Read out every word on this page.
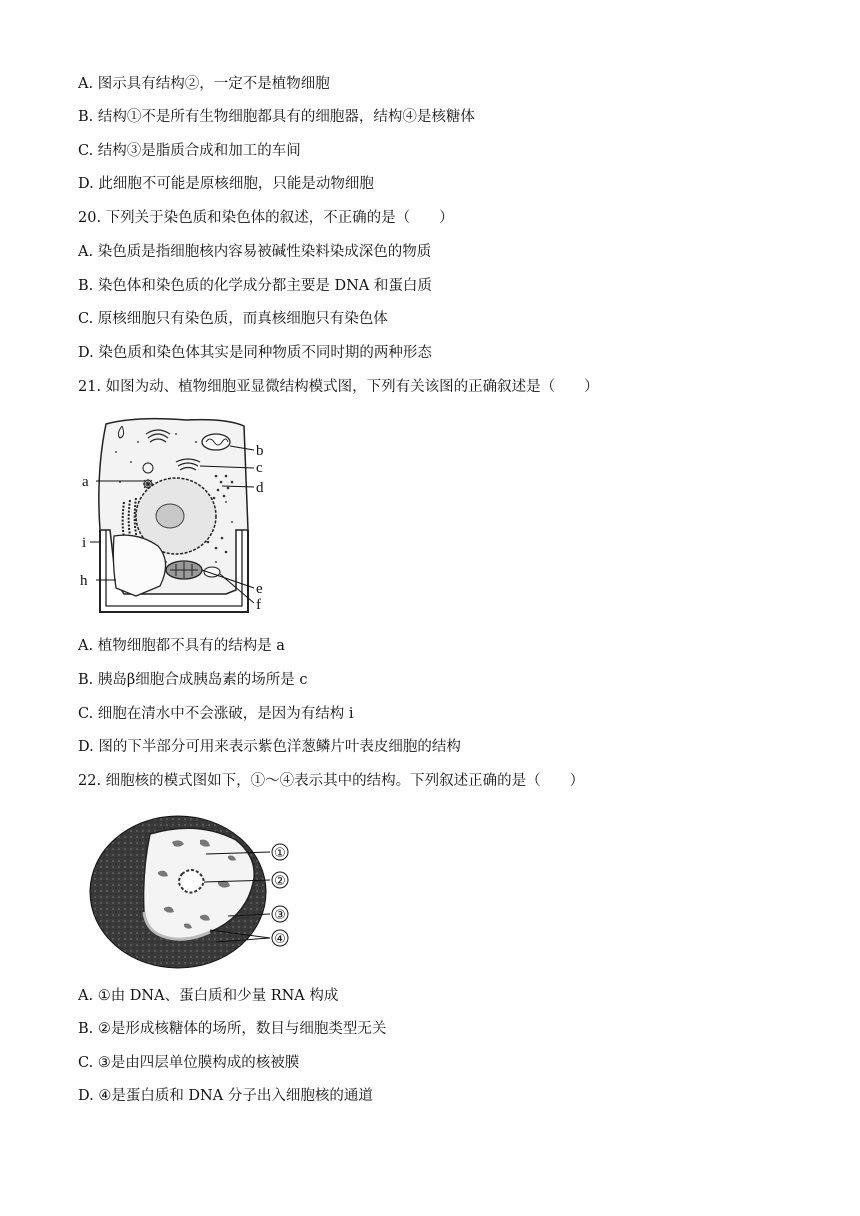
A. 图示具有结构②，一定不是植物细胞
B. 结构①不是所有生物细胞都具有的细胞器，结构④是核糖体
C. 结构③是脂质合成和加工的车间
D. 此细胞不可能是原核细胞，只能是动物细胞
20. 下列关于染色质和染色体的叙述，不正确的是（　　）
A. 染色质是指细胞核内容易被碱性染料染成深色的物质
B. 染色体和染色质的化学成分都主要是 DNA 和蛋白质
C. 原核细胞只有染色质，而真核细胞只有染色体
D. 染色质和染色体其实是同种物质不同时期的两种形态
21. 如图为动、植物细胞亚显微结构模式图，下列有关该图的正确叙述是（　　）
a
b
c
d
e
f
h
i
A. 植物细胞都不具有的结构是 a
B. 胰岛β细胞合成胰岛素的场所是 c
C. 细胞在清水中不会涨破，是因为有结构 i
D. 图的下半部分可用来表示紫色洋葱鳞片叶表皮细胞的结构
22. 细胞核的模式图如下，①～④表示其中的结构。下列叙述正确的是（　　）
①
②
③
④
A. ①由 DNA、蛋白质和少量 RNA 构成
B. ②是形成核糖体的场所，数目与细胞类型无关
C. ③是由四层单位膜构成的核被膜
D. ④是蛋白质和 DNA 分子出入细胞核的通道
